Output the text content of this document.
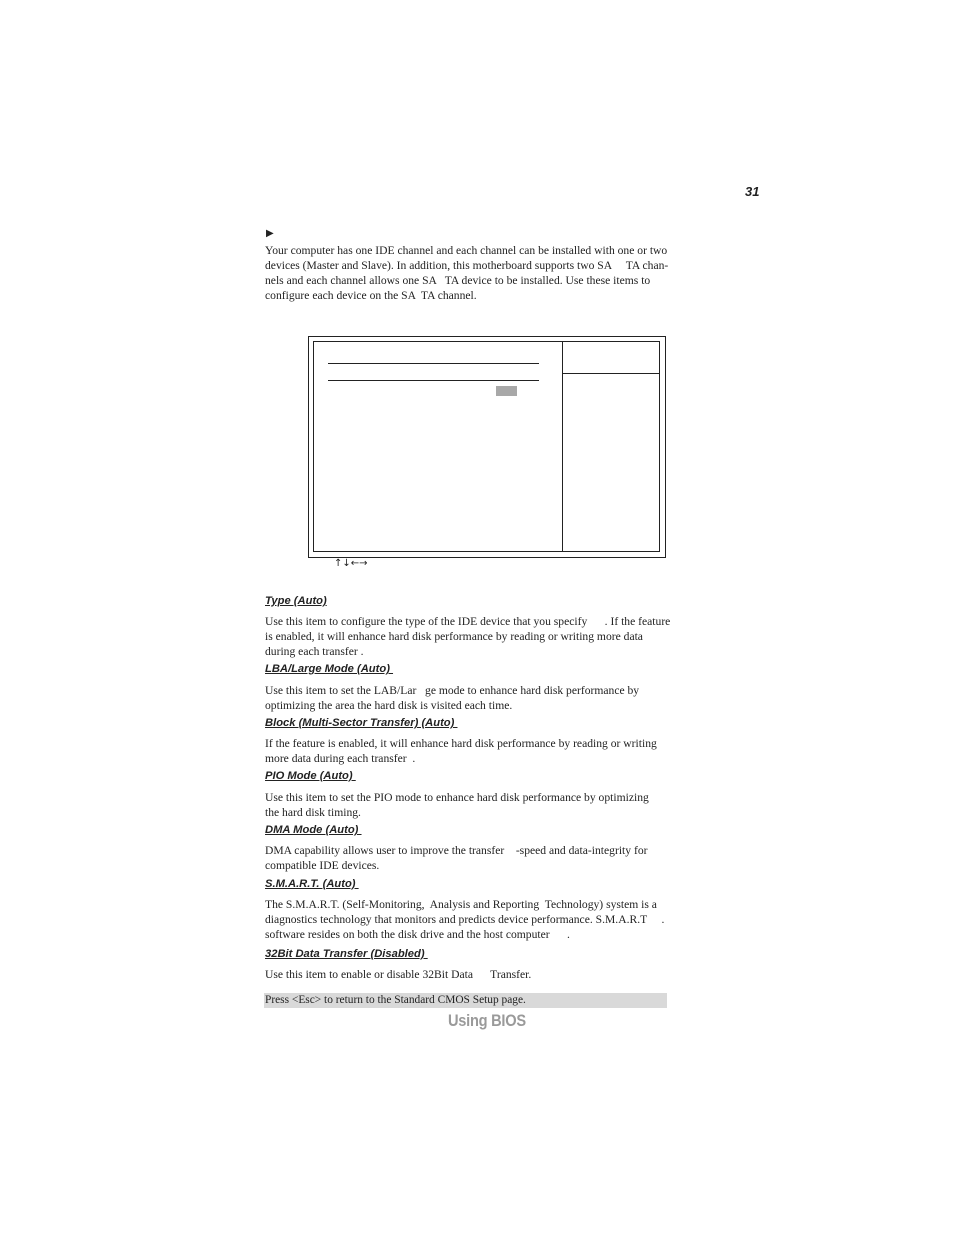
31
▶
Your computer has one IDE channel and each channel can be installed with one or two
devices (Master and Slave). In addition, this motherboard supports two SA     TA chan-
nels and each channel allows one SA   TA device to be installed. Use these items to
configure each device on the SA  TA channel.
↑↓←→
Type (Auto)
Use this item to configure the type of the IDE device that you specify      . If the feature
is enabled, it will enhance hard disk performance by reading or writing more data
during each transfer .
LBA/Large Mode (Auto)
Use this item to set the LAB/Lar   ge mode to enhance hard disk performance by
optimizing the area the hard disk is visited each time.
Block (Multi-Sector Transfer) (Auto)
If the feature is enabled, it will enhance hard disk performance by reading or writing
more data during each transfer  .
PIO Mode (Auto)
Use this item to set the PIO mode to enhance hard disk performance by optimizing
the hard disk timing.
DMA Mode (Auto)
DMA capability allows user to improve the transfer    -speed and data-integrity for
compatible IDE devices.
S.M.A.R.T. (Auto)
The S.M.A.R.T. (Self-Monitoring,  Analysis and Reporting  Technology) system is a
diagnostics technology that monitors and predicts device performance. S.M.A.R.T     .
software resides on both the disk drive and the host computer      .
32Bit Data Transfer (Disabled)
Use this item to enable or disable 32Bit Data      Transfer.
Press <Esc> to return to the Standard CMOS Setup page.
Using BIOS
